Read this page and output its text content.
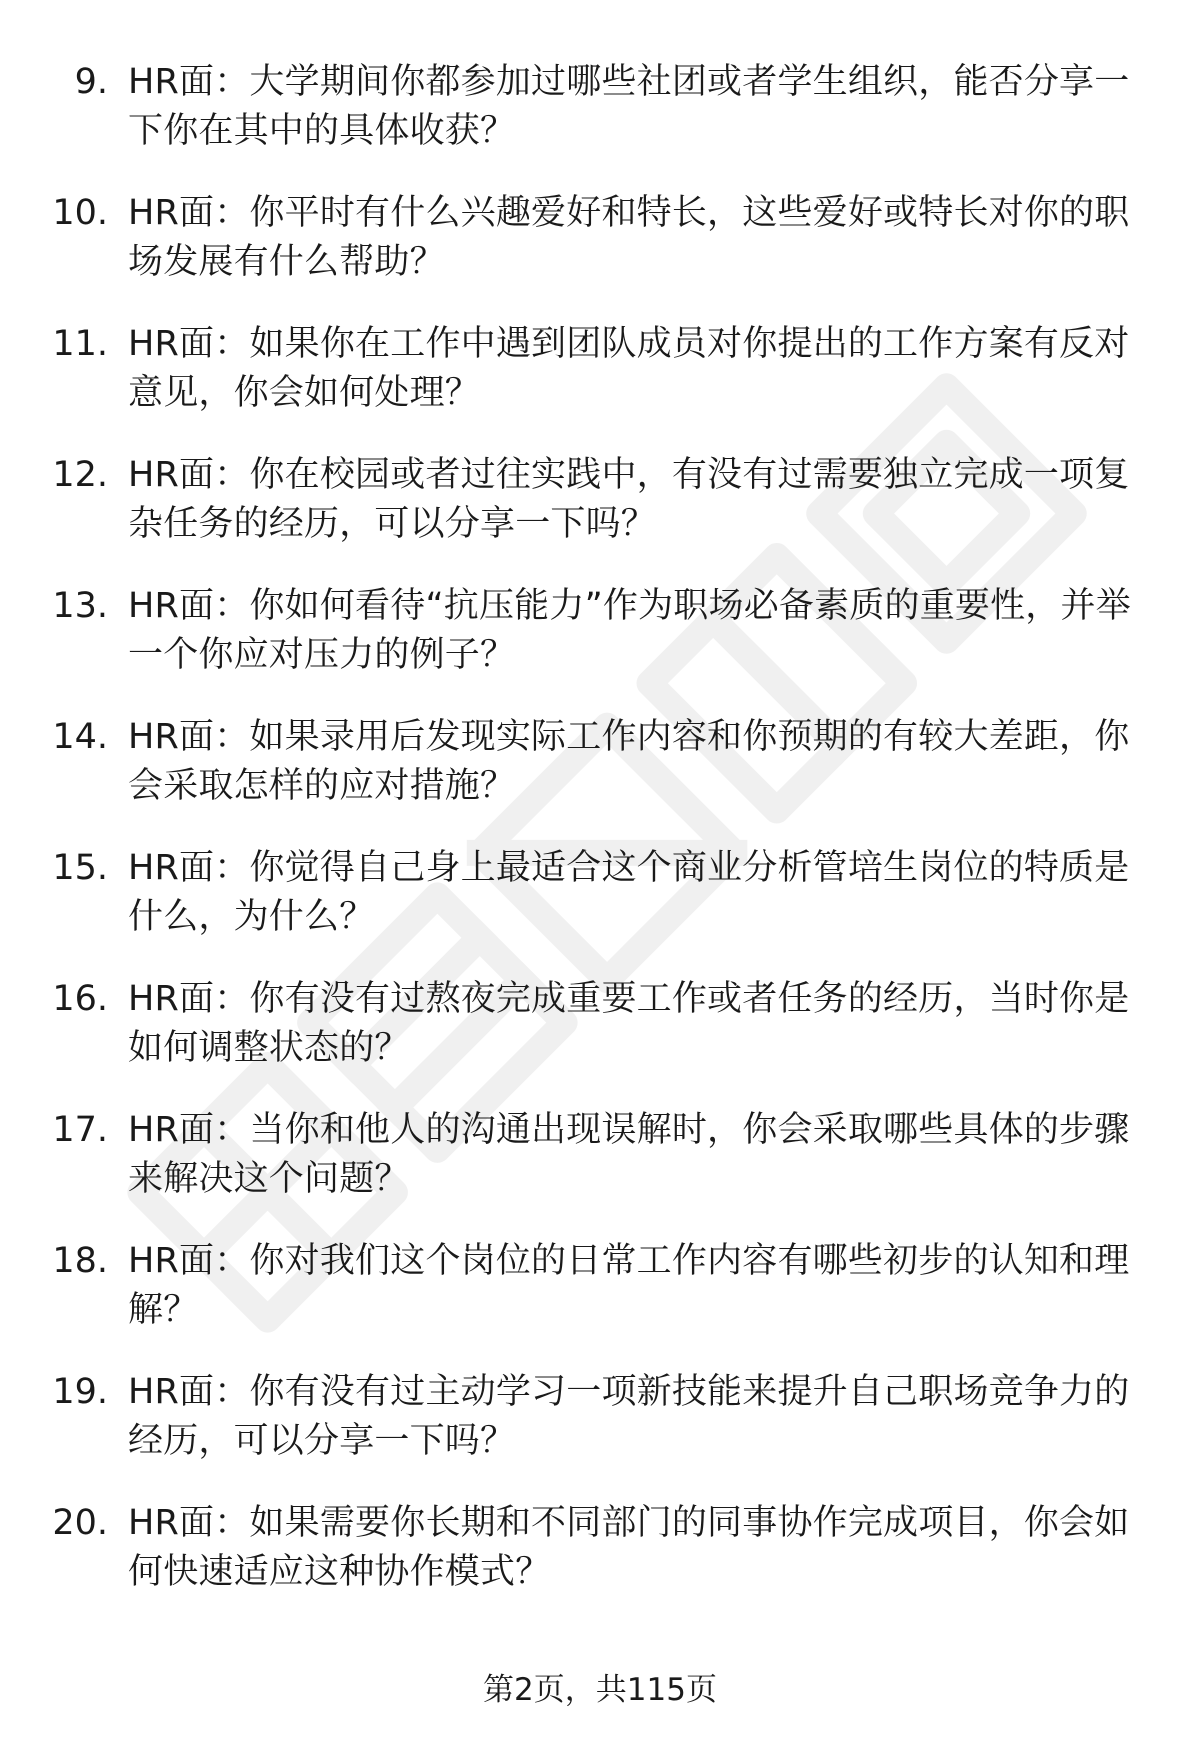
9. HR面：大学期间你都参加过哪些社团或者学生组织，能否分享一下你在其中的具体收获？
10. HR面：你平时有什么兴趣爱好和特长，这些爱好或特长对你的职场发展有什么帮助？
11. HR面：如果你在工作中遇到团队成员对你提出的工作方案有反对意见，你会如何处理？
12. HR面：你在校园或者过往实践中，有没有过需要独立完成一项复杂任务的经历，可以分享一下吗？
13. HR面：你如何看待“抗压能力”作为职场必备素质的重要性，并举一个你应对压力的例子？
14. HR面：如果录用后发现实际工作内容和你预期的有较大差距，你会采取怎样的应对措施？
15. HR面：你觉得自己身上最适合这个商业分析管培生岗位的特质是什么，为什么？
16. HR面：你有没有过熬夜完成重要工作或者任务的经历，当时你是如何调整状态的？
17. HR面：当你和他人的沟通出现误解时，你会采取哪些具体的步骤来解决这个问题？
18. HR面：你对我们这个岗位的日常工作内容有哪些初步的认知和理解？
19. HR面：你有没有过主动学习一项新技能来提升自己职场竞争力的经历，可以分享一下吗？
20. HR面：如果需要你长期和不同部门的同事协作完成项目，你会如何快速适应这种协作模式？
第2页，共115页
